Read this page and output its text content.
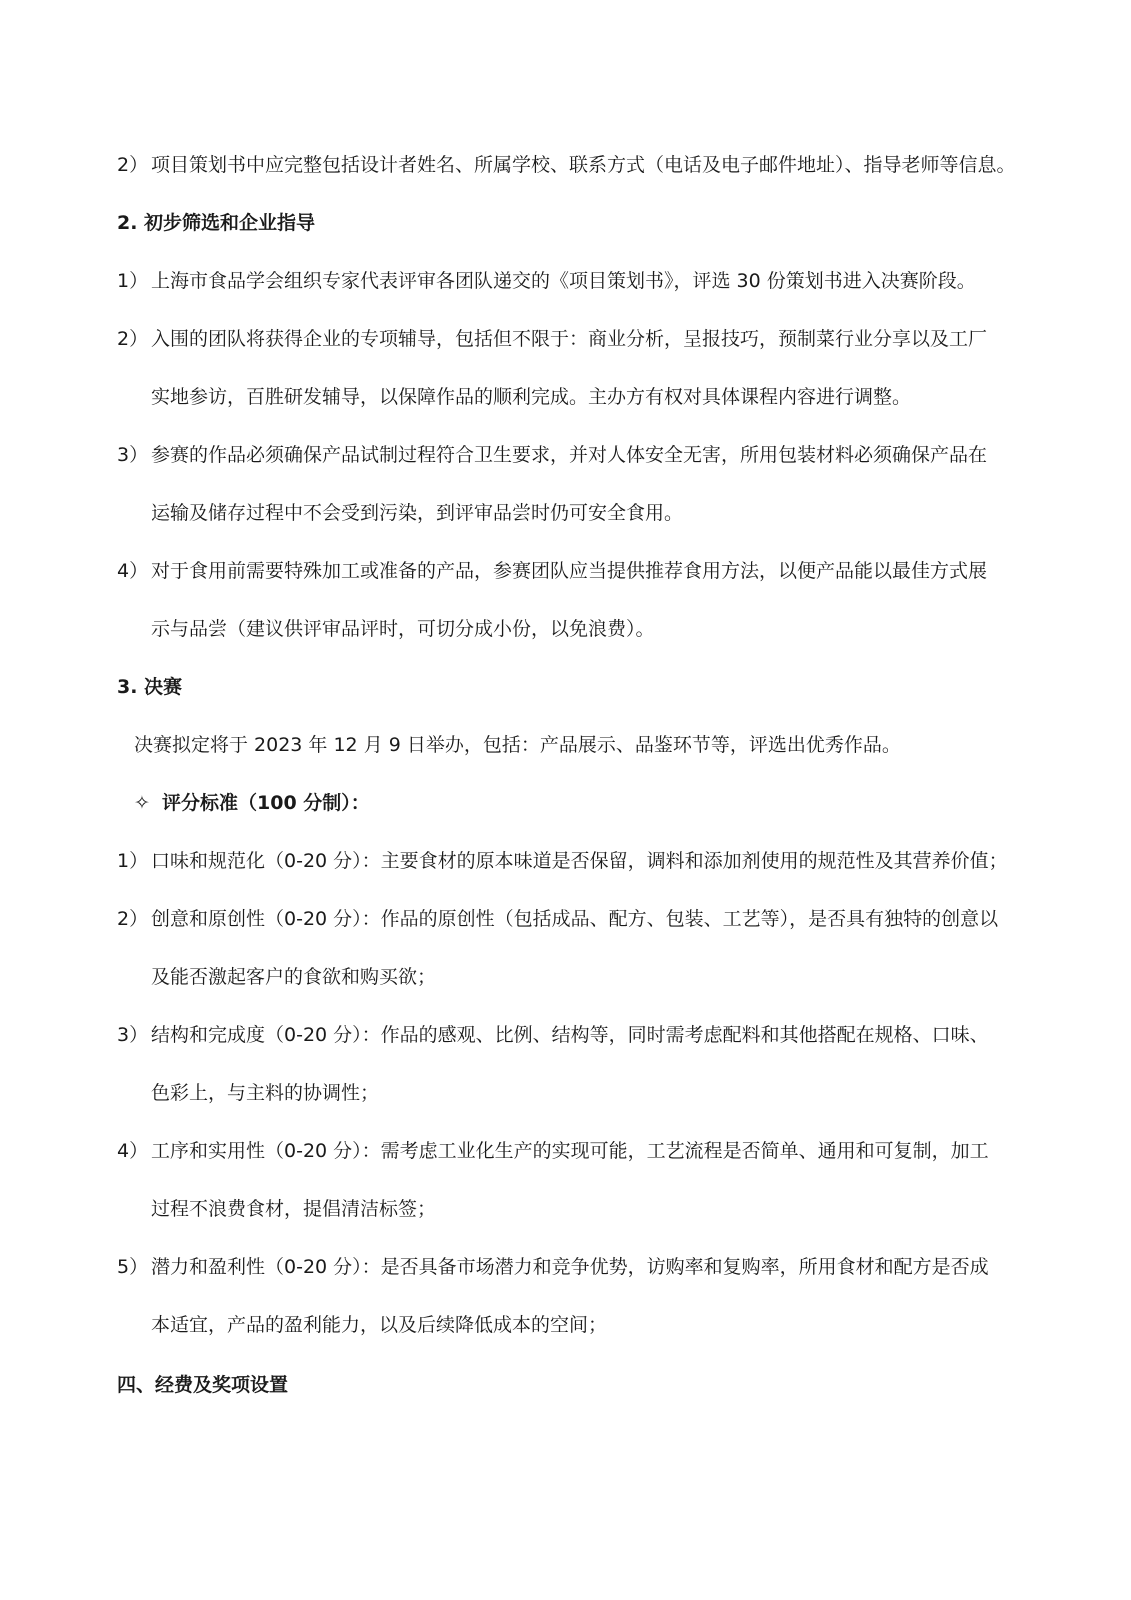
2） 项目策划书中应完整包括设计者姓名、所属学校、联系方式（电话及电子邮件地址）、指导老师等信息。
2. 初步筛选和企业指导
1） 上海市食品学会组织专家代表评审各团队递交的《项目策划书》，评选 30 份策划书进入决赛阶段。
2） 入围的团队将获得企业的专项辅导，包括但不限于：商业分析，呈报技巧，预制菜行业分享以及工厂
实地参访，百胜研发辅导，以保障作品的顺利完成。主办方有权对具体课程内容进行调整。
3） 参赛的作品必须确保产品试制过程符合卫生要求，并对人体安全无害，所用包装材料必须确保产品在
运输及储存过程中不会受到污染，到评审品尝时仍可安全食用。
4） 对于食用前需要特殊加工或准备的产品，参赛团队应当提供推荐食用方法，以便产品能以最佳方式展
示与品尝（建议供评审品评时，可切分成小份，以免浪费）。
3. 决赛
决赛拟定将于 2023 年 12 月 9 日举办，包括：产品展示、品鉴环节等，评选出优秀作品。
✧ 评分标准（100 分制）：
1） 口味和规范化（0-20 分）：主要食材的原本味道是否保留，调料和添加剂使用的规范性及其营养价值；
2） 创意和原创性（0-20 分）：作品的原创性（包括成品、配方、包装、工艺等），是否具有独特的创意以
及能否激起客户的食欲和购买欲；
3） 结构和完成度（0-20 分）：作品的感观、比例、结构等，同时需考虑配料和其他搭配在规格、口味、
色彩上，与主料的协调性；
4） 工序和实用性（0-20 分）：需考虑工业化生产的实现可能，工艺流程是否简单、通用和可复制，加工
过程不浪费食材，提倡清洁标签；
5） 潜力和盈利性（0-20 分）：是否具备市场潜力和竞争优势，访购率和复购率，所用食材和配方是否成
本适宜，产品的盈利能力，以及后续降低成本的空间；
四、经费及奖项设置
